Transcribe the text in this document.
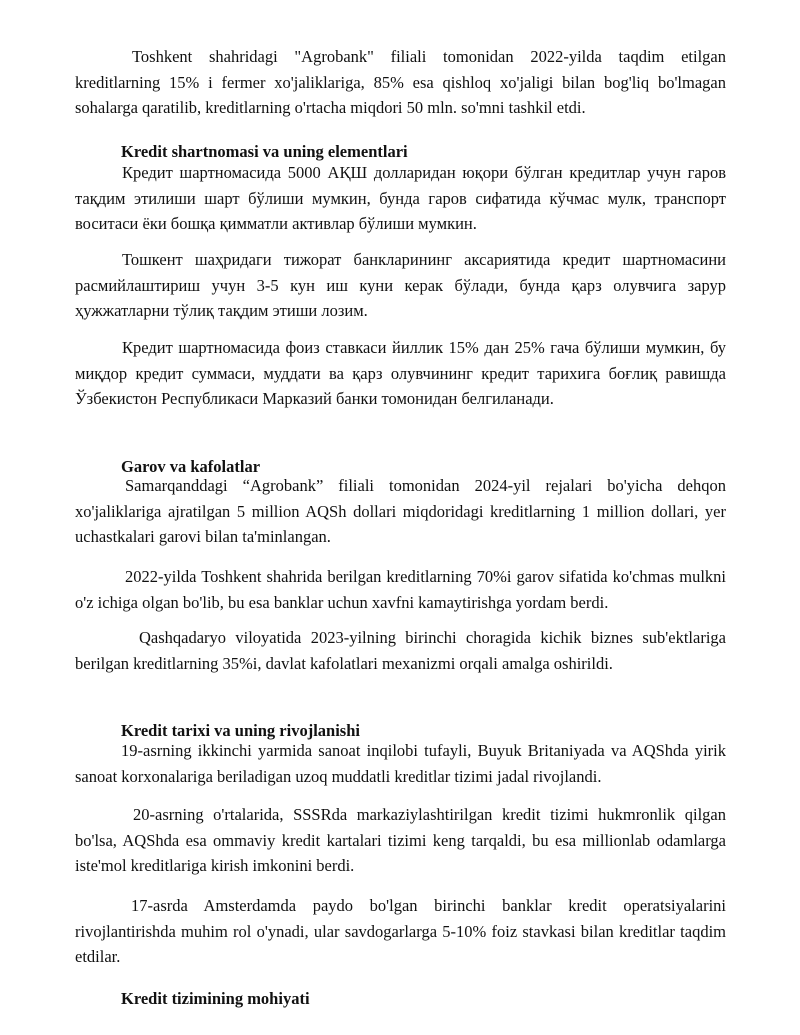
Toshkent shahridagi "Agrobank" filiali tomonidan 2022-yilda taqdim etilgan kreditlarning 15% i fermer xo'jaliklariga, 85% esa qishloq xo'jaligi bilan bog'liq bo'lmagan sohalarga qaratilib, kreditlarning o'rtacha miqdori 50 mln. so'mni tashkil etdi.

Kredit shartnomasi va uning elementlari

Кредит шартномасида 5000 АҚШ долларидан юқори бўлган кредитлар учун гаров тақдим этилиши шарт бўлиши мумкин, бунда гаров сифатида кўчмас мулк, транспорт воситаси ёки бошқа қимматли активлар бўлиши мумкин.

Тошкент шаҳридаги тижорат банкларининг аксариятида кредит шартномасини расмийлаштириш учун 3-5 кун иш куни керак бўлади, бунда қарз олувчига зарур ҳужжатларни тўлиқ тақдим этиши лозим.

Кредит шартномасида фоиз ставкаси йиллик 15% дан 25% гача бўлиши мумкин, бу миқдор кредит суммаси, муддати ва қарз олувчининг кредит тарихига боғлиқ равишда Ўзбекистон Республикаси Марказий банки томонидан белгиланади.

Garov va kafolatlar

Samarqanddagi “Agrobank” filiali tomonidan 2024-yil rejalari bo'yicha dehqon xo'jaliklariga ajratilgan 5 million AQSh dollari miqdoridagi kreditlarning 1 million dollari, yer uchastkalari garovi bilan ta'minlangan.

2022-yilda Toshkent shahrida berilgan kreditlarning 70%i garov sifatida ko'chmas mulkni o'z ichiga olgan bo'lib, bu esa banklar uchun xavfni kamaytirishga yordam berdi.

Qashqadaryo viloyatida 2023-yilning birinchi choragida kichik biznes sub'ektlariga berilgan kreditlarning 35%i, davlat kafolatlari mexanizmi orqali amalga oshirildi.

Kredit tarixi va uning rivojlanishi

19-asrning ikkinchi yarmida sanoat inqilobi tufayli, Buyuk Britaniyada va AQShda yirik sanoat korxonalariga beriladigan uzoq muddatli kreditlar tizimi jadal rivojlandi.

20-asrning o'rtalarida, SSSRda markaziylashtirilgan kredit tizimi hukmronlik qilgan bo'lsa, AQShda esa ommaviy kredit kartalari tizimi keng tarqaldi, bu esa millionlab odamlarga iste'mol kreditlariga kirish imkonini berdi.

17-asrda Amsterdamda paydo bo'lgan birinchi banklar kredit operatsiyalarini rivojlantirishda muhim rol o'ynadi, ular savdogarlarga 5-10% foiz stavkasi bilan kreditlar taqdim etdilar.

Kredit tizimining mohiyati
